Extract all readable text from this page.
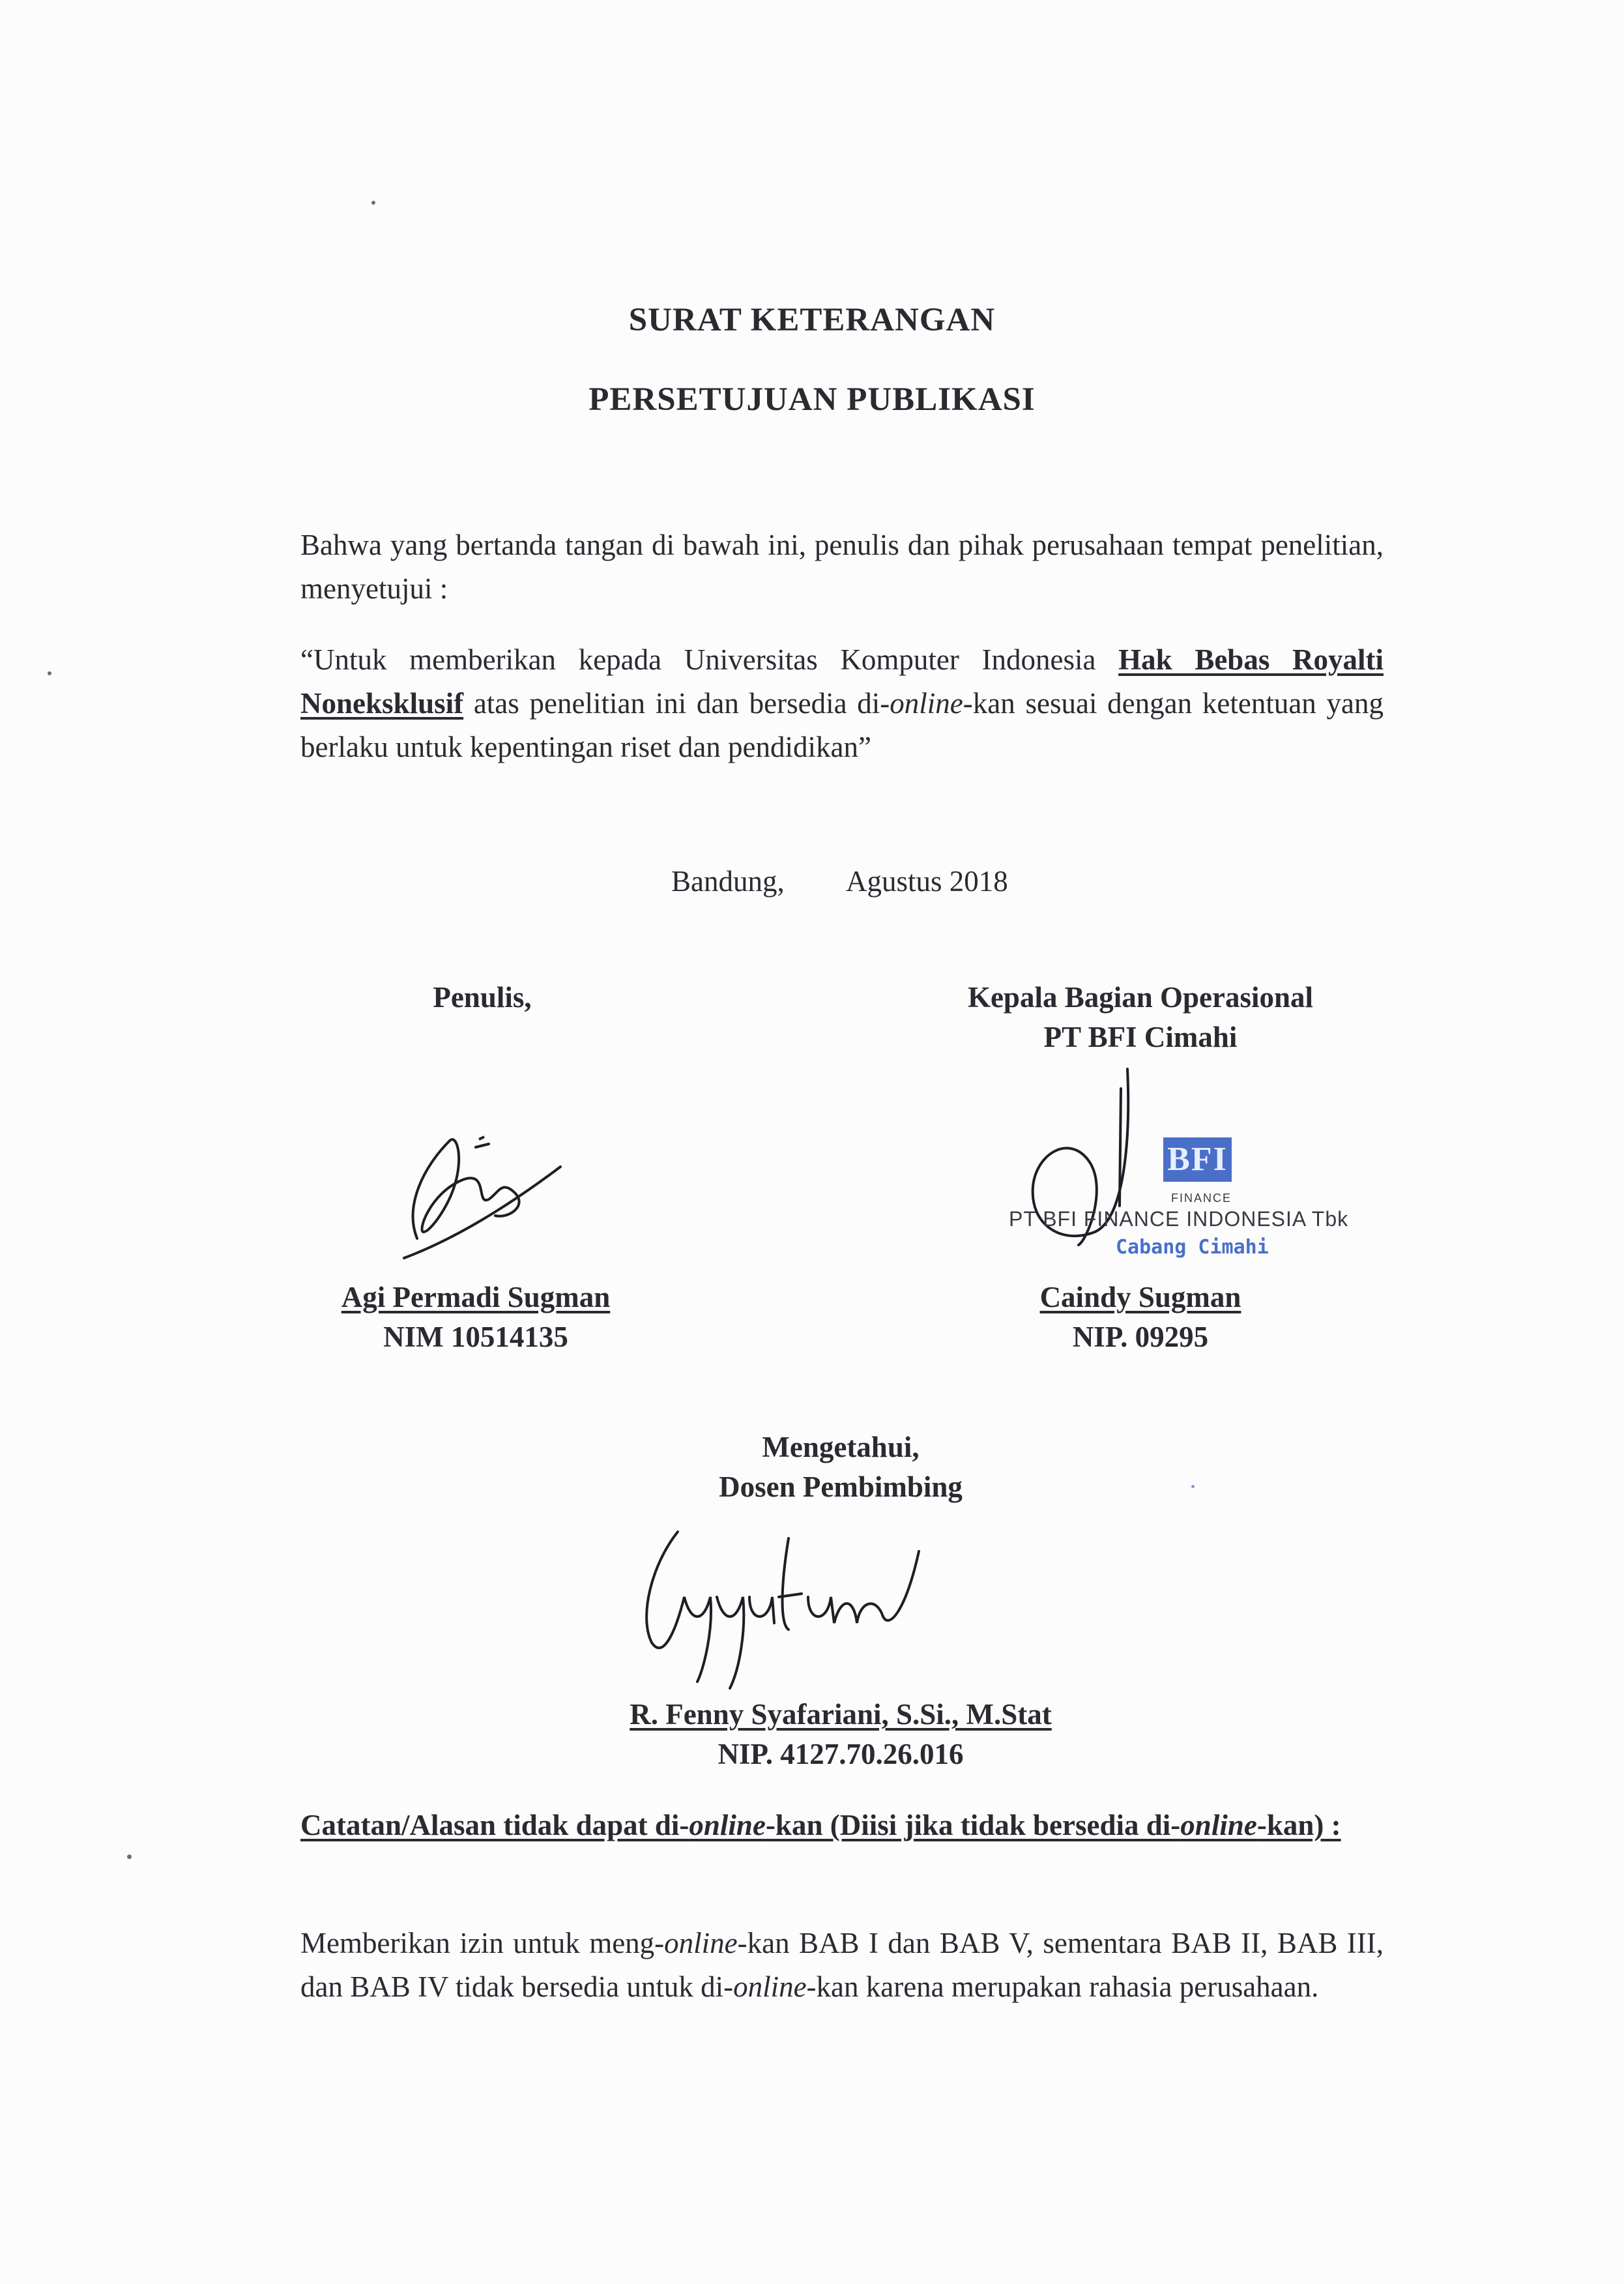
SURAT KETERANGAN
PERSETUJUAN PUBLIKASI

Bahwa yang bertanda tangan di bawah ini, penulis dan pihak perusahaan tempat penelitian, menyetujui :

“Untuk memberikan kepada Universitas Komputer Indonesia Hak Bebas Royalti Noneksklusif atas penelitian ini dan bersedia di-online-kan sesuai dengan ketentuan yang berlaku untuk kepentingan riset dan pendidikan”

Bandung, Agustus 2018
Penulis,
Agi Permadi Sugman
NIM 10514135
Kepala Bagian Operasional
PT BFI Cimahi
BFI
FINANCE
PT BFI FINANCE INDONESIA Tbk
Cabang Cimahi
Caindy Sugman
NIP. 09295
Mengetahui,
Dosen Pembimbing
R. Fenny Syafariani, S.Si., M.Stat
NIP. 4127.70.26.016

Catatan/Alasan tidak dapat di-online-kan (Diisi jika tidak bersedia di-online-kan) :

Memberikan izin untuk meng-online-kan BAB I dan BAB V, sementara BAB II, BAB III, dan BAB IV tidak bersedia untuk di-online-kan karena merupakan rahasia perusahaan.
